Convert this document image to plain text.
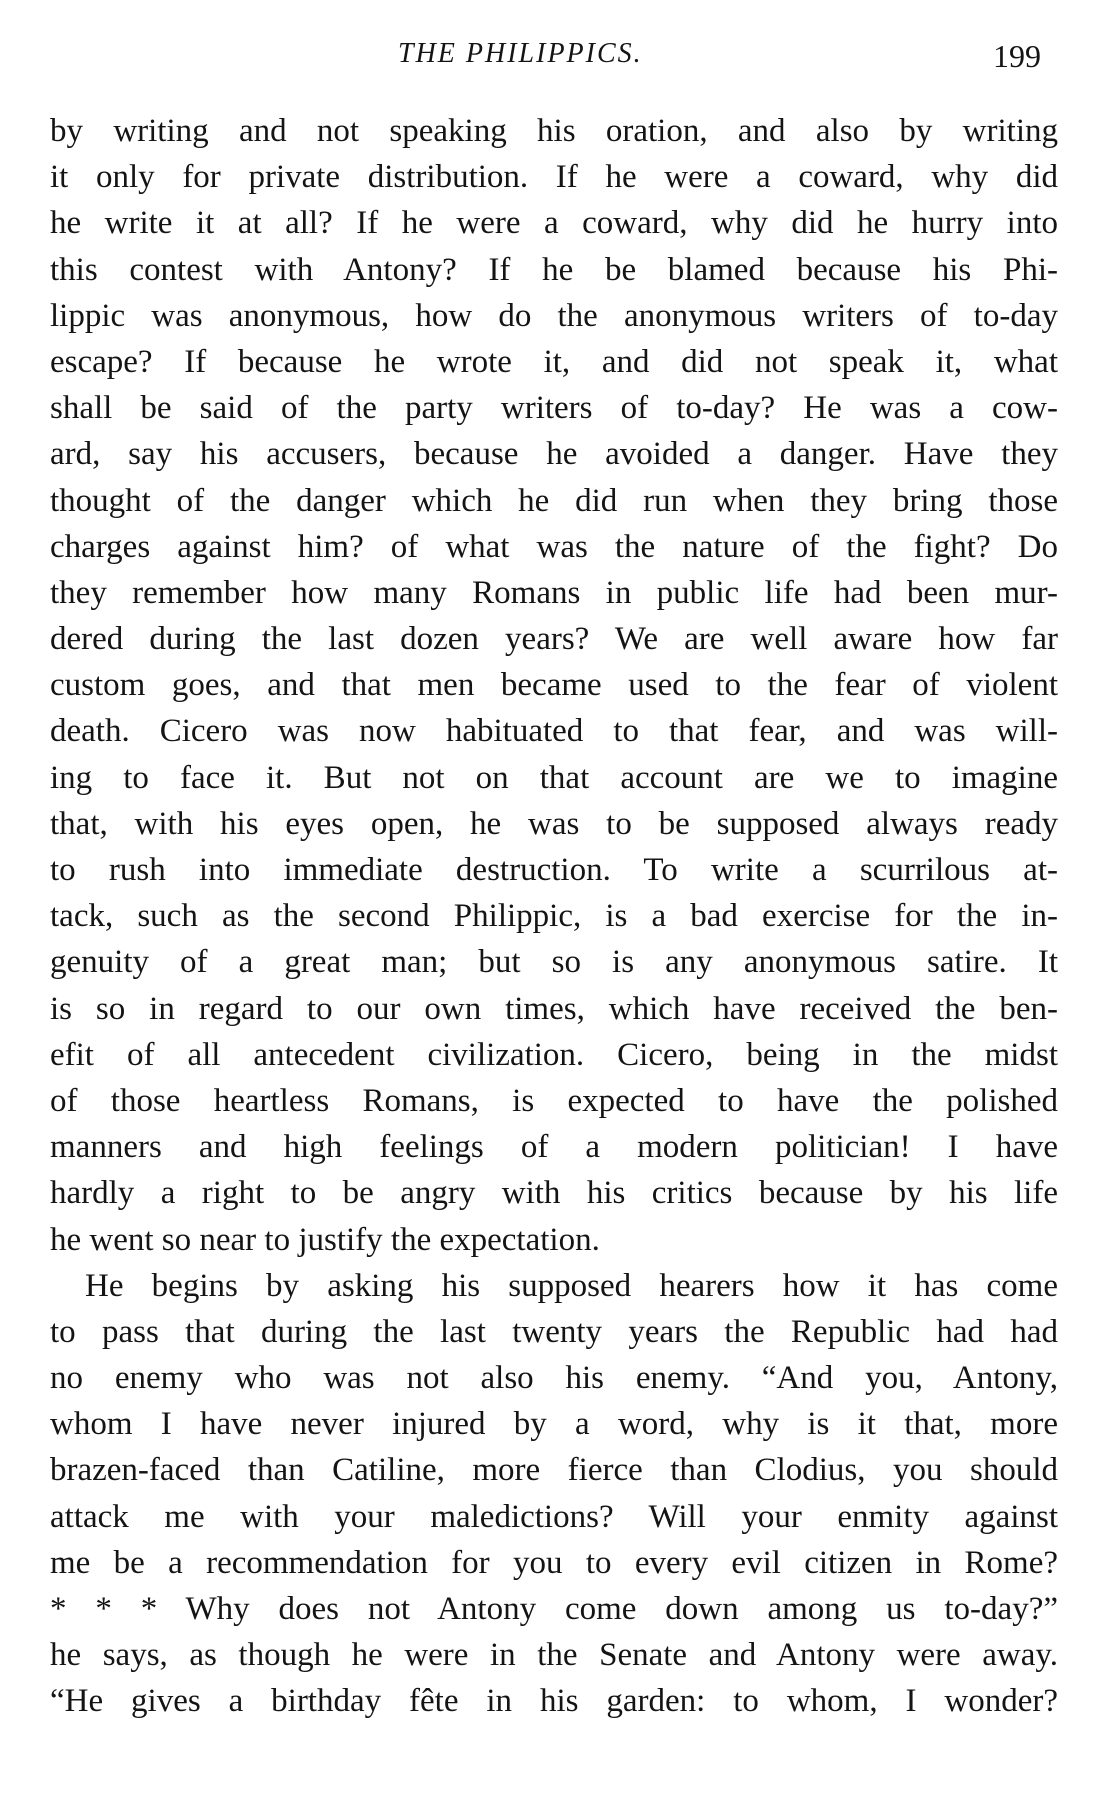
THE PHILIPPICS.	199
by writing and not speaking his oration, and also by writing
it only for private distribution. If he were a coward, why did
he write it at all? If he were a coward, why did he hurry into
this contest with Antony? If he be blamed because his Phi-
lippic was anonymous, how do the anonymous writers of to-day
escape? If because he wrote it, and did not speak it, what
shall be said of the party writers of to-day? He was a cow-
ard, say his accusers, because he avoided a danger. Have they
thought of the danger which he did run when they bring those
charges against him? of what was the nature of the fight? Do
they remember how many Romans in public life had been mur-
dered during the last dozen years? We are well aware how far
custom goes, and that men became used to the fear of violent
death. Cicero was now habituated to that fear, and was will-
ing to face it. But not on that account are we to imagine
that, with his eyes open, he was to be supposed always ready
to rush into immediate destruction. To write a scurrilous at-
tack, such as the second Philippic, is a bad exercise for the in-
genuity of a great man; but so is any anonymous satire. It
is so in regard to our own times, which have received the ben-
efit of all antecedent civilization. Cicero, being in the midst
of those heartless Romans, is expected to have the polished
manners and high feelings of a modern politician! I have
hardly a right to be angry with his critics because by his life
he went so near to justify the expectation.
He begins by asking his supposed hearers how it has come
to pass that during the last twenty years the Republic had had
no enemy who was not also his enemy. “And you, Antony,
whom I have never injured by a word, why is it that, more
brazen-faced than Catiline, more fierce than Clodius, you should
attack me with your maledictions? Will your enmity against
me be a recommendation for you to every evil citizen in Rome?
* * * Why does not Antony come down among us to-day?”
he says, as though he were in the Senate and Antony were away.
“He gives a birthday fête in his garden: to whom, I wonder?
